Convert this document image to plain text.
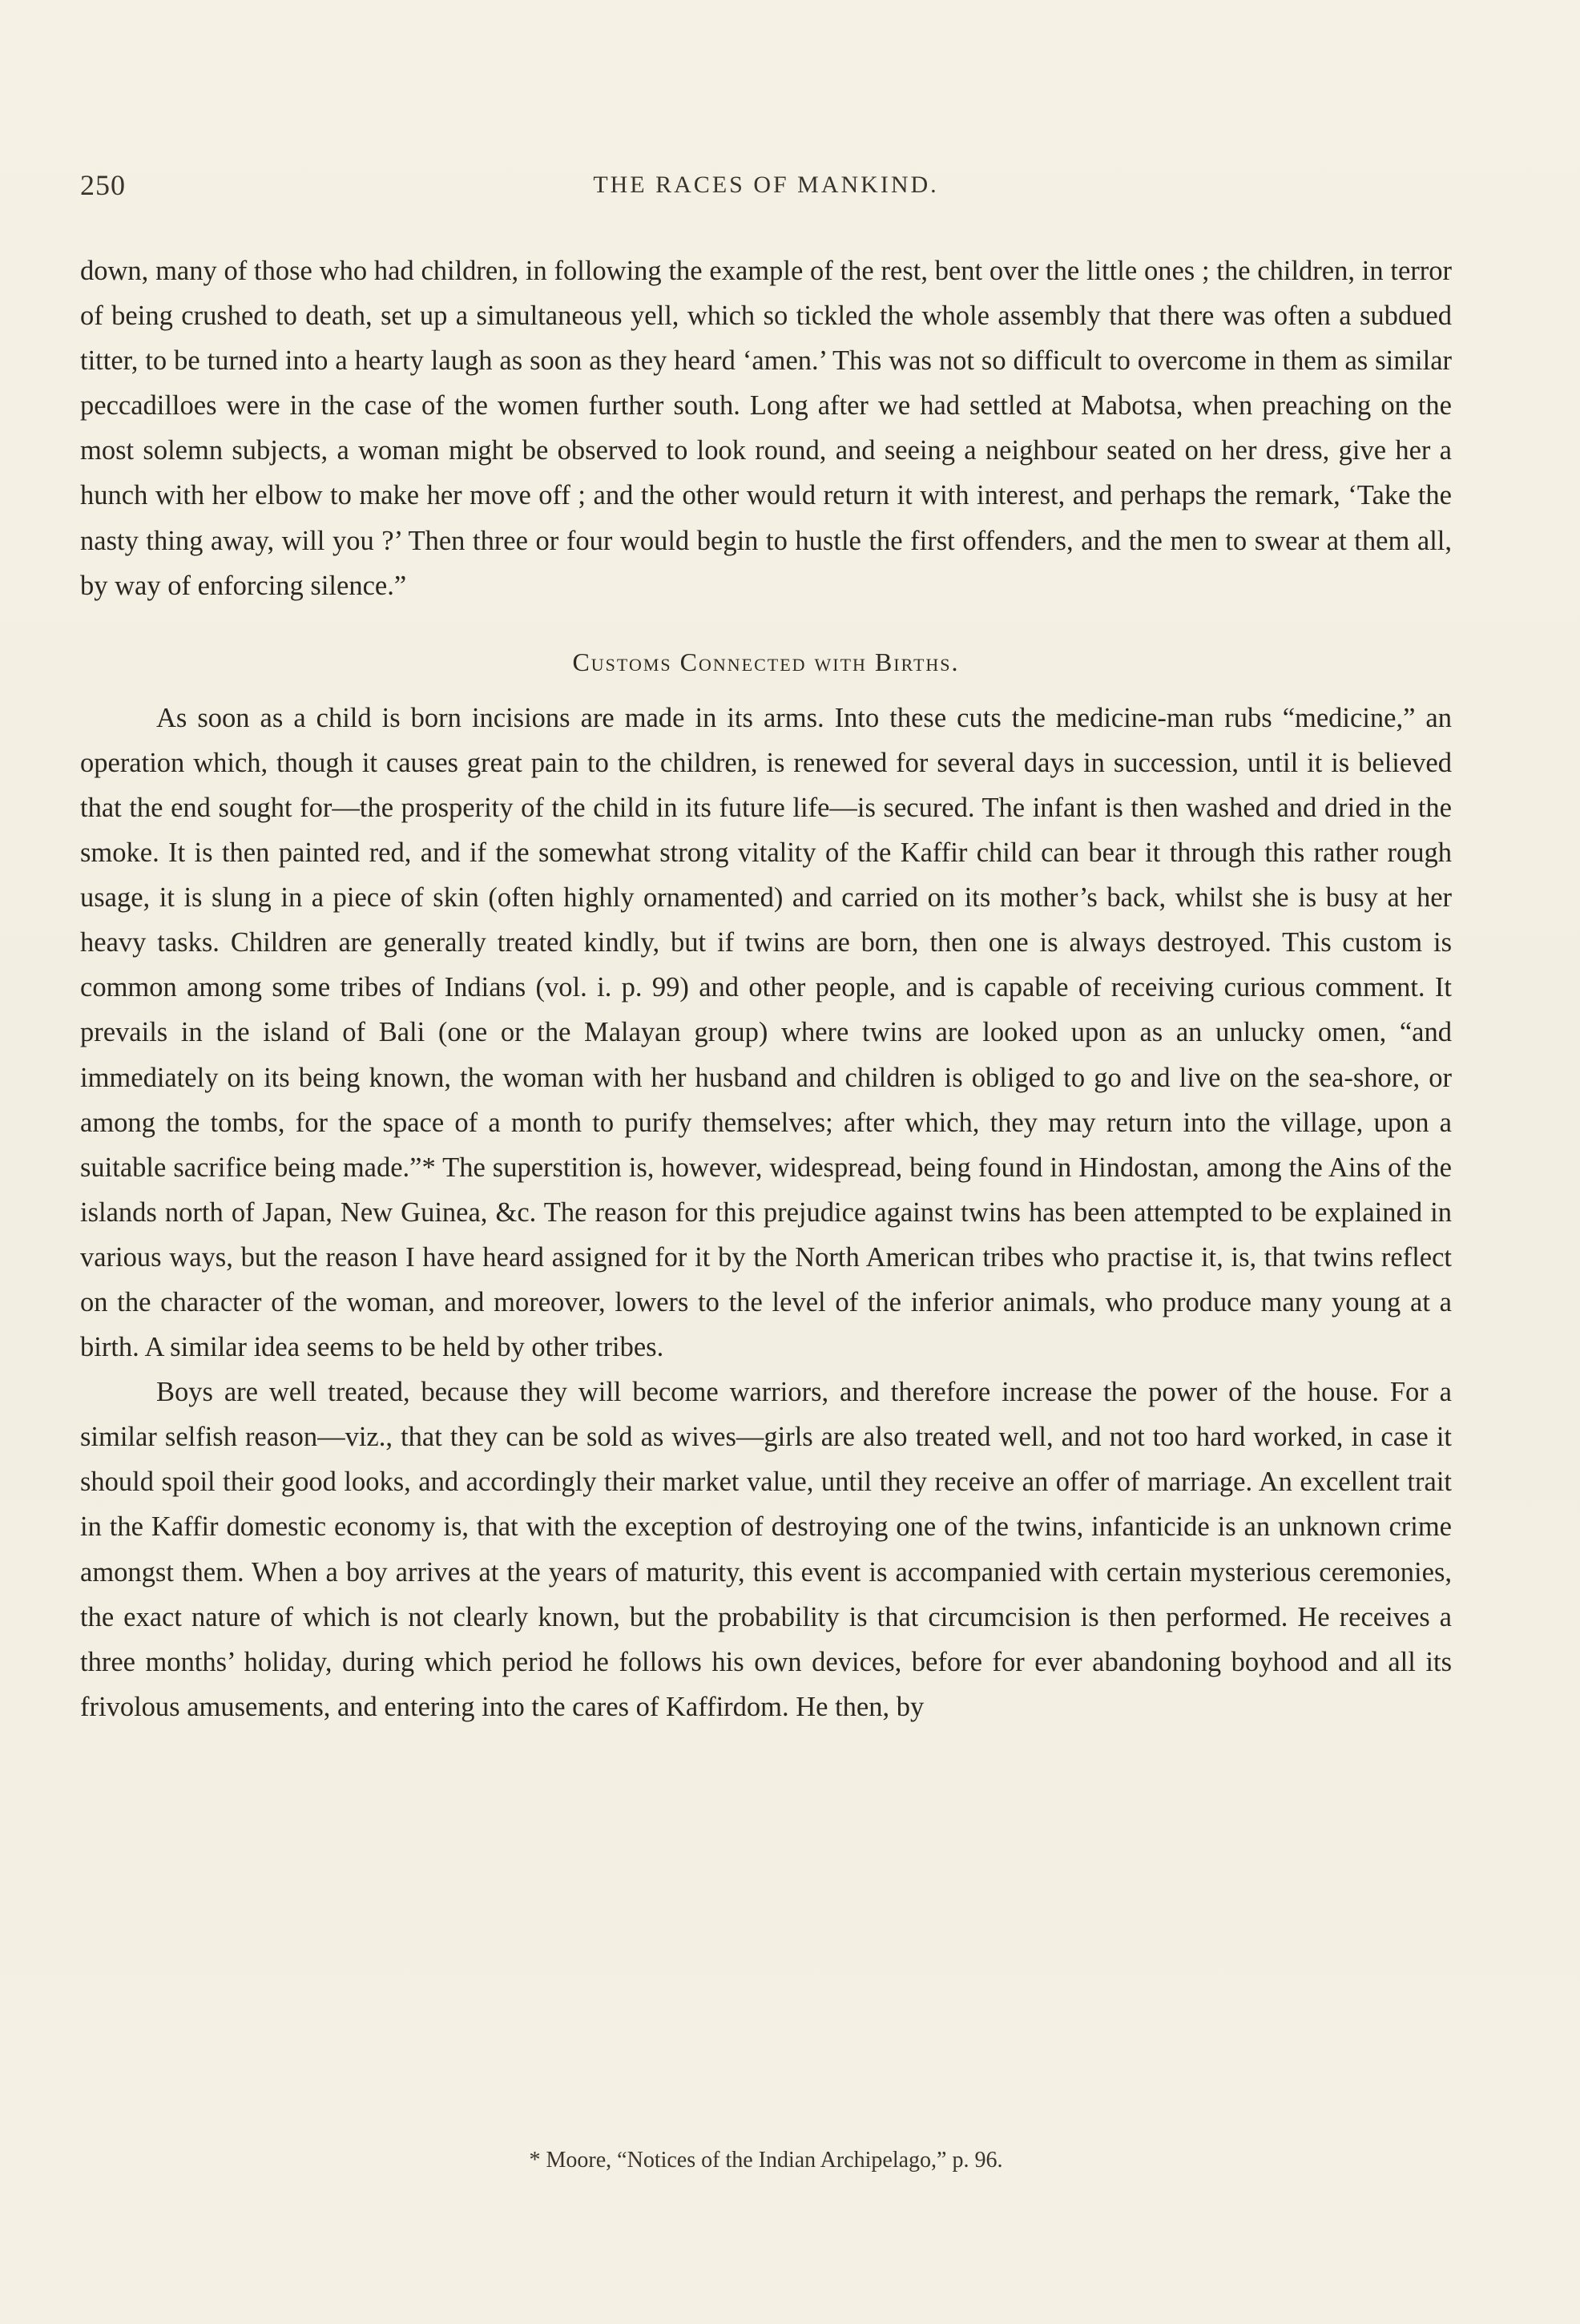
250	THE RACES OF MANKIND.

down, many of those who had children, in following the example of the rest, bent over the little ones ; the children, in terror of being crushed to death, set up a simultaneous yell, which so tickled the whole assembly that there was often a subdued titter, to be turned into a hearty laugh as soon as they heard ‘amen.’ This was not so difficult to overcome in them as similar peccadilloes were in the case of the women further south. Long after we had settled at Mabotsa, when preaching on the most solemn subjects, a woman might be observed to look round, and seeing a neighbour seated on her dress, give her a hunch with her elbow to make her move off ; and the other would return it with interest, and perhaps the remark, ‘Take the nasty thing away, will you ?’ Then three or four would begin to hustle the first offenders, and the men to swear at them all, by way of enforcing silence.”

Customs Connected with Births.

As soon as a child is born incisions are made in its arms. Into these cuts the medicine-man rubs “medicine,” an operation which, though it causes great pain to the children, is renewed for several days in succession, until it is believed that the end sought for—the prosperity of the child in its future life—is secured. The infant is then washed and dried in the smoke. It is then painted red, and if the somewhat strong vitality of the Kaffir child can bear it through this rather rough usage, it is slung in a piece of skin (often highly ornamented) and carried on its mother’s back, whilst she is busy at her heavy tasks. Children are generally treated kindly, but if twins are born, then one is always destroyed. This custom is common among some tribes of Indians (vol. i. p. 99) and other people, and is capable of receiving curious comment. It prevails in the island of Bali (one or the Malayan group) where twins are looked upon as an unlucky omen, “and immediately on its being known, the woman with her husband and children is obliged to go and live on the sea-shore, or among the tombs, for the space of a month to purify themselves; after which, they may return into the village, upon a suitable sacrifice being made.”* The superstition is, however, widespread, being found in Hindostan, among the Ains of the islands north of Japan, New Guinea, &c. The reason for this prejudice against twins has been attempted to be explained in various ways, but the reason I have heard assigned for it by the North American tribes who practise it, is, that twins reflect on the character of the woman, and moreover, lowers to the level of the inferior animals, who produce many young at a birth. A similar idea seems to be held by other tribes.

Boys are well treated, because they will become warriors, and therefore increase the power of the house. For a similar selfish reason—viz., that they can be sold as wives—girls are also treated well, and not too hard worked, in case it should spoil their good looks, and accordingly their market value, until they receive an offer of marriage. An excellent trait in the Kaffir domestic economy is, that with the exception of destroying one of the twins, infanticide is an unknown crime amongst them. When a boy arrives at the years of maturity, this event is accompanied with certain mysterious ceremonies, the exact nature of which is not clearly known, but the probability is that circumcision is then performed. He receives a three months’ holiday, during which period he follows his own devices, before for ever abandoning boyhood and all its frivolous amusements, and entering into the cares of Kaffirdom. He then, by

* Moore, “Notices of the Indian Archipelago,” p. 96.
